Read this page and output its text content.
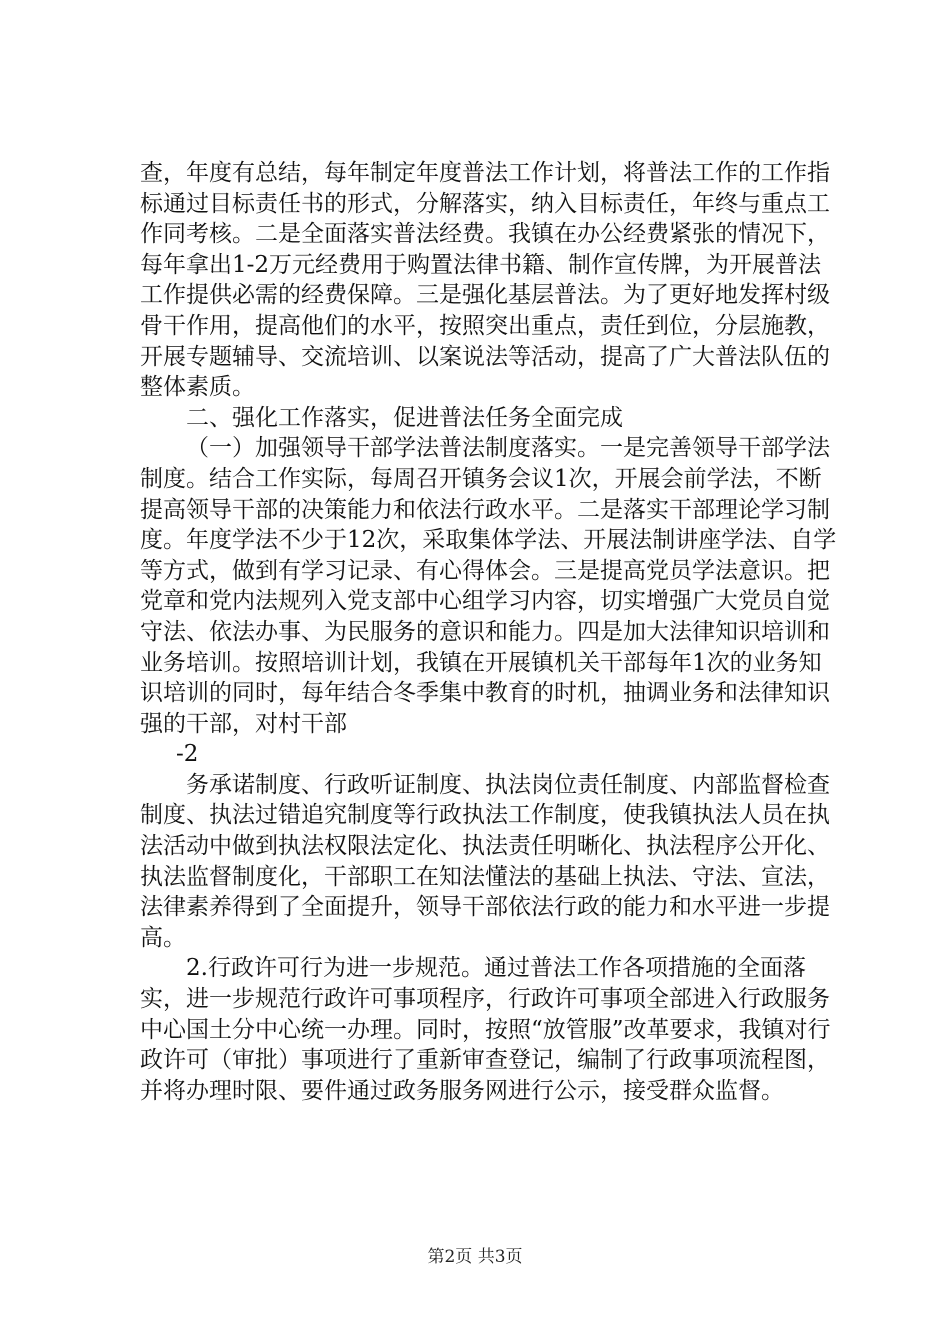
查，年度有总结，每年制定年度普法工作计划，将普法工作的工作指标通过目标责任书的形式，分解落实，纳入目标责任，年终与重点工作同考核。二是全面落实普法经费。我镇在办公经费紧张的情况下，每年拿出1-2万元经费用于购置法律书籍、制作宣传牌，为开展普法工作提供必需的经费保障。三是强化基层普法。为了更好地发挥村级骨干作用，提高他们的水平，按照突出重点，责任到位，分层施教，开展专题辅导、交流培训、以案说法等活动，提高了广大普法队伍的整体素质。

二、强化工作落实，促进普法任务全面完成

（一）加强领导干部学法普法制度落实。一是完善领导干部学法制度。结合工作实际，每周召开镇务会议1次，开展会前学法，不断提高领导干部的决策能力和依法行政水平。二是落实干部理论学习制度。年度学法不少于12次，采取集体学法、开展法制讲座学法、自学等方式，做到有学习记录、有心得体会。三是提高党员学法意识。把党章和党内法规列入党支部中心组学习内容，切实增强广大党员自觉守法、依法办事、为民服务的意识和能力。四是加大法律知识培训和业务培训。按照培训计划，我镇在开展镇机关干部每年1次的业务知识培训的同时，每年结合冬季集中教育的时机，抽调业务和法律知识强的干部，对村干部

-2

务承诺制度、行政听证制度、执法岗位责任制度、内部监督检查制度、执法过错追究制度等行政执法工作制度，使我镇执法人员在执法活动中做到执法权限法定化、执法责任明晰化、执法程序公开化、执法监督制度化，干部职工在知法懂法的基础上执法、守法、宣法，法律素养得到了全面提升，领导干部依法行政的能力和水平进一步提高。

2.行政许可行为进一步规范。通过普法工作各项措施的全面落实，进一步规范行政许可事项程序，行政许可事项全部进入行政服务中心国土分中心统一办理。同时，按照“放管服”改革要求，我镇对行政许可（审批）事项进行了重新审查登记，编制了行政事项流程图，并将办理时限、要件通过政务服务网进行公示，接受群众监督。

第2页 共3页
